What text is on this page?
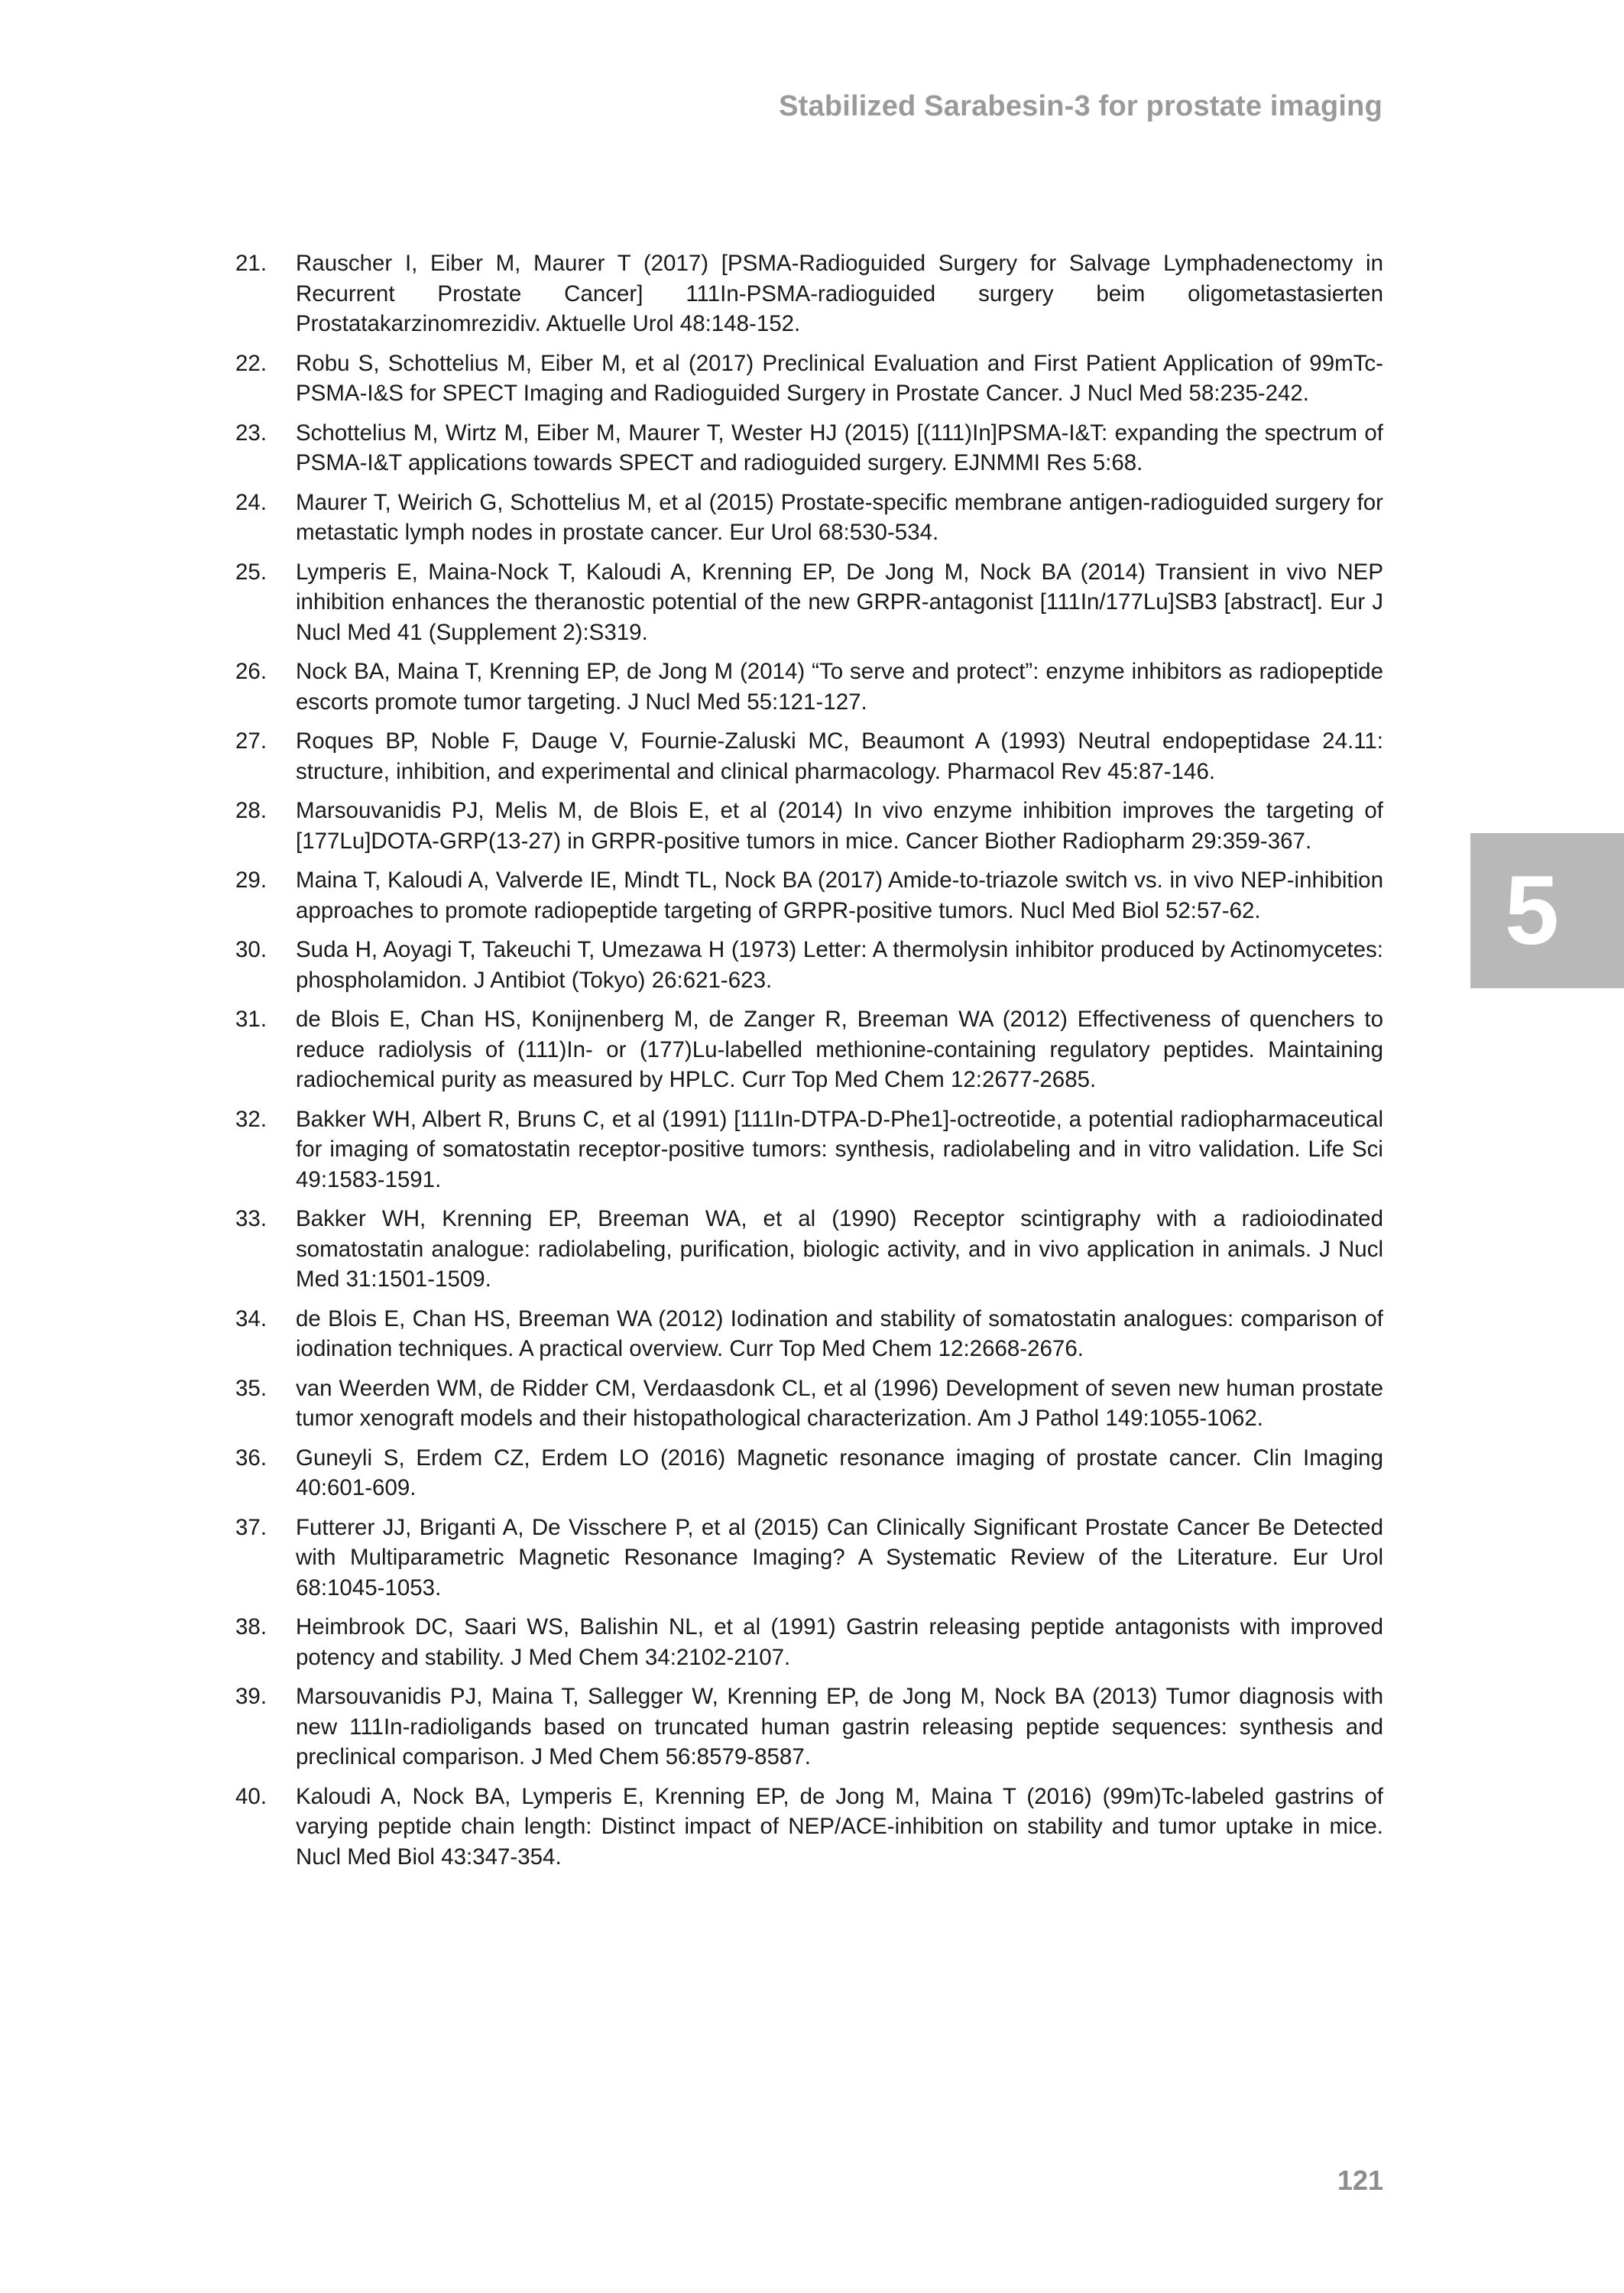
Stabilized Sarabesin-3 for prostate imaging
21.	Rauscher I, Eiber M, Maurer T (2017) [PSMA-Radioguided Surgery for Salvage Lymphadenectomy in Recurrent Prostate Cancer] 111In-PSMA-radioguided surgery beim oligometastasierten Prostatakarzinomrezidiv. Aktuelle Urol 48:148-152.
22.	Robu S, Schottelius M, Eiber M, et al (2017) Preclinical Evaluation and First Patient Application of 99mTc-PSMA-I&S for SPECT Imaging and Radioguided Surgery in Prostate Cancer. J Nucl Med 58:235-242.
23.	Schottelius M, Wirtz M, Eiber M, Maurer T, Wester HJ (2015) [(111)In]PSMA-I&T: expanding the spectrum of PSMA-I&T applications towards SPECT and radioguided surgery. EJNMMI Res 5:68.
24.	Maurer T, Weirich G, Schottelius M, et al (2015) Prostate-specific membrane antigen-radioguided surgery for metastatic lymph nodes in prostate cancer. Eur Urol 68:530-534.
25.	Lymperis E, Maina-Nock T, Kaloudi A, Krenning EP, De Jong M, Nock BA (2014) Transient in vivo NEP inhibition enhances the theranostic potential of the new GRPR-antagonist [111In/177Lu]SB3 [abstract]. Eur J Nucl Med 41 (Supplement 2):S319.
26.	Nock BA, Maina T, Krenning EP, de Jong M (2014) “To serve and protect”: enzyme inhibitors as radiopeptide escorts promote tumor targeting. J Nucl Med 55:121-127.
27.	Roques BP, Noble F, Dauge V, Fournie-Zaluski MC, Beaumont A (1993) Neutral endopeptidase 24.11: structure, inhibition, and experimental and clinical pharmacology. Pharmacol Rev 45:87-146.
28.	Marsouvanidis PJ, Melis M, de Blois E, et al (2014) In vivo enzyme inhibition improves the targeting of [177Lu]DOTA-GRP(13-27) in GRPR-positive tumors in mice. Cancer Biother Radiopharm 29:359-367.
29.	Maina T, Kaloudi A, Valverde IE, Mindt TL, Nock BA (2017) Amide-to-triazole switch vs. in vivo NEP-inhibition approaches to promote radiopeptide targeting of GRPR-positive tumors. Nucl Med Biol 52:57-62.
30.	Suda H, Aoyagi T, Takeuchi T, Umezawa H (1973) Letter: A thermolysin inhibitor produced by Actinomycetes: phospholamidon. J Antibiot (Tokyo) 26:621-623.
31.	de Blois E, Chan HS, Konijnenberg M, de Zanger R, Breeman WA (2012) Effectiveness of quenchers to reduce radiolysis of (111)In- or (177)Lu-labelled methionine-containing regulatory peptides. Maintaining radiochemical purity as measured by HPLC. Curr Top Med Chem 12:2677-2685.
32.	Bakker WH, Albert R, Bruns C, et al (1991) [111In-DTPA-D-Phe1]-octreotide, a potential radiopharmaceutical for imaging of somatostatin receptor-positive tumors: synthesis, radiolabeling and in vitro validation. Life Sci 49:1583-1591.
33.	Bakker WH, Krenning EP, Breeman WA, et al (1990) Receptor scintigraphy with a radioiodinated somatostatin analogue: radiolabeling, purification, biologic activity, and in vivo application in animals. J Nucl Med 31:1501-1509.
34.	de Blois E, Chan HS, Breeman WA (2012) Iodination and stability of somatostatin analogues: comparison of iodination techniques. A practical overview. Curr Top Med Chem 12:2668-2676.
35.	van Weerden WM, de Ridder CM, Verdaasdonk CL, et al (1996) Development of seven new human prostate tumor xenograft models and their histopathological characterization. Am J Pathol 149:1055-1062.
36.	Guneyli S, Erdem CZ, Erdem LO (2016) Magnetic resonance imaging of prostate cancer. Clin Imaging 40:601-609.
37.	Futterer JJ, Briganti A, De Visschere P, et al (2015) Can Clinically Significant Prostate Cancer Be Detected with Multiparametric Magnetic Resonance Imaging? A Systematic Review of the Literature. Eur Urol 68:1045-1053.
38.	Heimbrook DC, Saari WS, Balishin NL, et al (1991) Gastrin releasing peptide antagonists with improved potency and stability. J Med Chem 34:2102-2107.
39.	Marsouvanidis PJ, Maina T, Sallegger W, Krenning EP, de Jong M, Nock BA (2013) Tumor diagnosis with new 111In-radioligands based on truncated human gastrin releasing peptide sequences: synthesis and preclinical comparison. J Med Chem 56:8579-8587.
40.	Kaloudi A, Nock BA, Lymperis E, Krenning EP, de Jong M, Maina T (2016) (99m)Tc-labeled gastrins of varying peptide chain length: Distinct impact of NEP/ACE-inhibition on stability and tumor uptake in mice. Nucl Med Biol 43:347-354.
5
121
